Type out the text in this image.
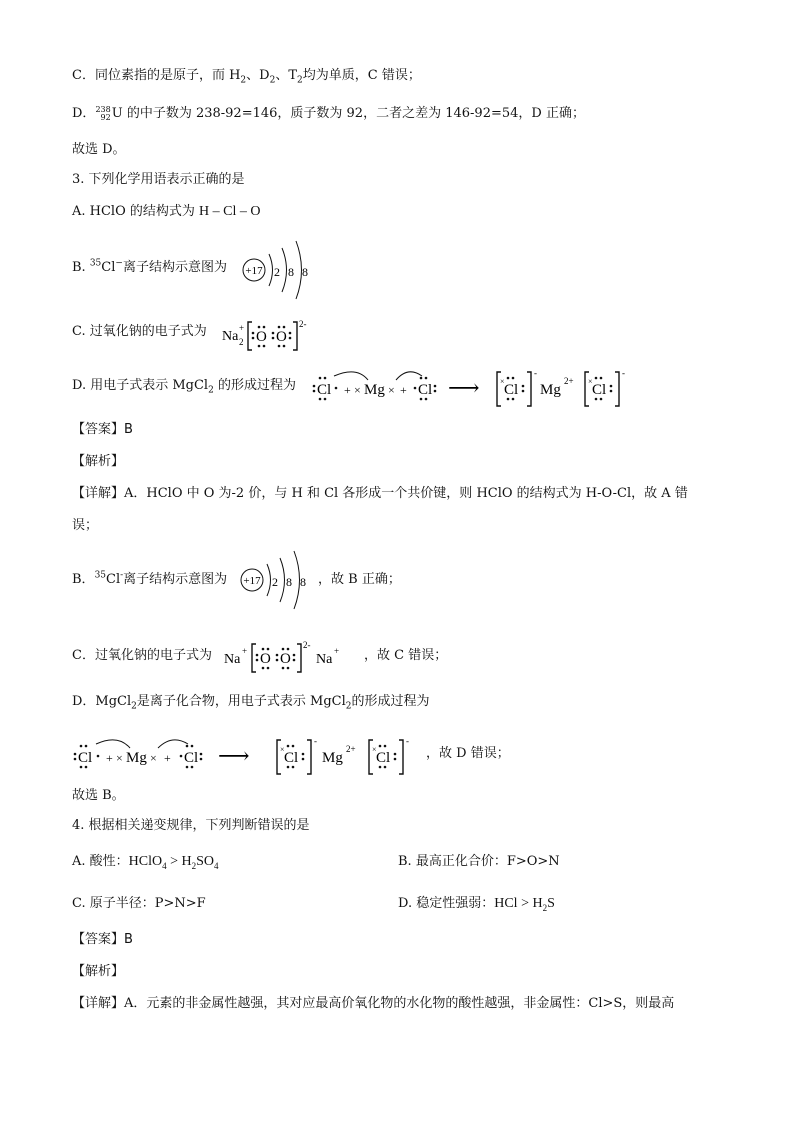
C．同位素指的是原子，而 $H_2$、$D_2$、$T_2$均为单质，C 错误；
D． 238
92 U 的中子数为 238-92=146，质子数为 92，二者之差为 146-92=54，D 正确；
故选 D。
3. 下列化学用语表示正确的是
A. HClO 的结构式为 H – Cl – O
B. $^{35}$Cl−离子结构示意图为 +17 2 8 8
C. 过氧化钠的电子式为 Na
+
2 O O
2-
D. 用电子式表示 MgCl$_2$ 的形成过程为 Cl + × Mg × + Cl ⟶ Cl
-
Mg
2+
Cl
-
×	×
【答案】B
【解析】
【详解】A．HClO 中 O 为-2 价，与 H 和 Cl 各形成一个共价键，则 HClO 的结构式为 H-O-Cl，故 A 错
误；
B．$^{35}$Cl-离子结构示意图为 +17 2 8 8 ，故 B 正确；
C．过氧化钠的电子式为 Na
+ O O
2-
Na
+ ，故 C 错误；
D．MgCl$_2$是离子化合物，用电子式表示 MgCl$_2$的形成过程为
Cl + × Mg × + Cl ⟶ Cl
-
Mg
2+
Cl
-
×	×	，故 D 错误；
故选 B。
4. 根据相关递变规律，下列判断错误的是
A. 酸性：HClO$_4$ > $H_2SO_4$	B. 最高正化合价：F>O>N
C. 原子半径：P>N>F	D. 稳定性强弱：HCl > $H_2S$
【答案】B
【解析】
【详解】A．元素的非金属性越强，其对应最高价氧化物的水化物的酸性越强，非金属性：Cl>S，则最高
